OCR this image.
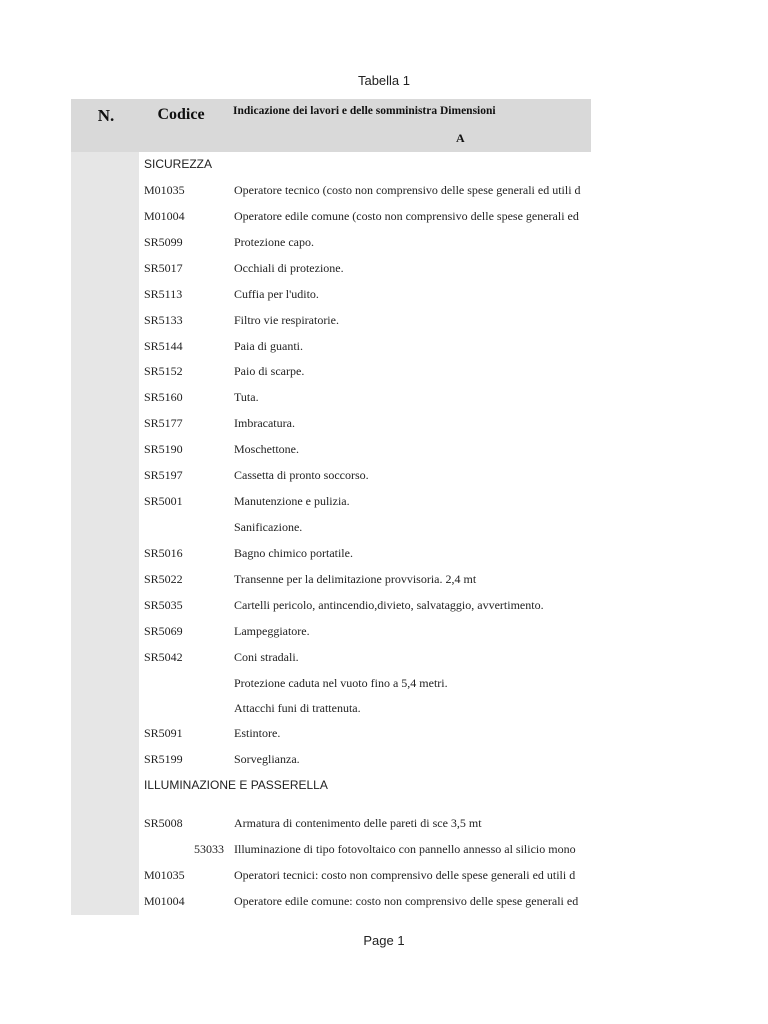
Tabella 1
N.	Codice	Indicazione dei lavori e delle somministra Dimensioni
A
SICUREZZA
M01035	Operatore tecnico (costo non comprensivo delle spese generali ed utili d
M01004	Operatore edile comune (costo non comprensivo delle spese generali ed
SR5099	Protezione capo.
SR5017	Occhiali di protezione.
SR5113	Cuffia per l'udito.
SR5133	Filtro vie respiratorie.
SR5144	Paia di guanti.
SR5152	Paio di scarpe.
SR5160	Tuta.
SR5177	Imbracatura.
SR5190	Moschettone.
SR5197	Cassetta di pronto soccorso.
SR5001	Manutenzione e pulizia.
Sanificazione.
SR5016	Bagno chimico portatile.
SR5022	Transenne per la delimitazione provvisoria. 2,4 mt
SR5035	Cartelli pericolo, antincendio,divieto, salvataggio, avvertimento.
SR5069	Lampeggiatore.
SR5042	Coni stradali.
Protezione caduta nel vuoto fino a 5,4 metri.
Attacchi funi di trattenuta.
SR5091	Estintore.
SR5199	Sorveglianza.
ILLUMINAZIONE E PASSERELLA
SR5008	Armatura di contenimento delle pareti di sce 3,5 mt
53033 Illuminazione di tipo fotovoltaico con pannello annesso al silicio mono
M01035	Operatori tecnici: costo non comprensivo delle spese generali ed utili d
M01004	Operatore edile comune: costo non comprensivo delle spese generali ed
Page 1
